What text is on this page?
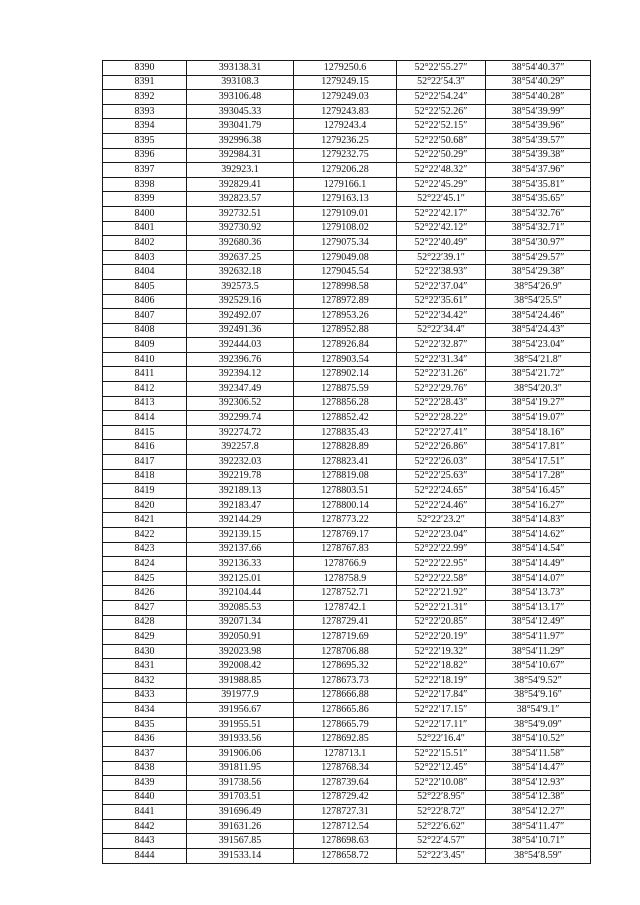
8390	393138.31	1279250.6	52°22′55.27″	38°54′40.37″
8391	393108.3	1279249.15	52°22′54.3″	38°54′40.29″
8392	393106.48	1279249.03	52°22′54.24″	38°54′40.28″
8393	393045.33	1279243.83	52°22′52.26″	38°54′39.99″
8394	393041.79	1279243.4	52°22′52.15″	38°54′39.96″
8395	392996.38	1279236.25	52°22′50.68″	38°54′39.57″
8396	392984.31	1279232.75	52°22′50.29″	38°54′39.38″
8397	392923.1	1279206.28	52°22′48.32″	38°54′37.96″
8398	392829.41	1279166.1	52°22′45.29″	38°54′35.81″
8399	392823.57	1279163.13	52°22′45.1″	38°54′35.65″
8400	392732.51	1279109.01	52°22′42.17″	38°54′32.76″
8401	392730.92	1279108.02	52°22′42.12″	38°54′32.71″
8402	392680.36	1279075.34	52°22′40.49″	38°54′30.97″
8403	392637.25	1279049.08	52°22′39.1″	38°54′29.57″
8404	392632.18	1279045.54	52°22′38.93″	38°54′29.38″
8405	392573.5	1278998.58	52°22′37.04″	38°54′26.9″
8406	392529.16	1278972.89	52°22′35.61″	38°54′25.5″
8407	392492.07	1278953.26	52°22′34.42″	38°54′24.46″
8408	392491.36	1278952.88	52°22′34.4″	38°54′24.43″
8409	392444.03	1278926.84	52°22′32.87″	38°54′23.04″
8410	392396.76	1278903.54	52°22′31.34″	38°54′21.8″
8411	392394.12	1278902.14	52°22′31.26″	38°54′21.72″
8412	392347.49	1278875.59	52°22′29.76″	38°54′20.3″
8413	392306.52	1278856.28	52°22′28.43″	38°54′19.27″
8414	392299.74	1278852.42	52°22′28.22″	38°54′19.07″
8415	392274.72	1278835.43	52°22′27.41″	38°54′18.16″
8416	392257.8	1278828.89	52°22′26.86″	38°54′17.81″
8417	392232.03	1278823.41	52°22′26.03″	38°54′17.51″
8418	392219.78	1278819.08	52°22′25.63″	38°54′17.28″
8419	392189.13	1278803.51	52°22′24.65″	38°54′16.45″
8420	392183.47	1278800.14	52°22′24.46″	38°54′16.27″
8421	392144.29	1278773.22	52°22′23.2″	38°54′14.83″
8422	392139.15	1278769.17	52°22′23.04″	38°54′14.62″
8423	392137.66	1278767.83	52°22′22.99″	38°54′14.54″
8424	392136.33	1278766.9	52°22′22.95″	38°54′14.49″
8425	392125.01	1278758.9	52°22′22.58″	38°54′14.07″
8426	392104.44	1278752.71	52°22′21.92″	38°54′13.73″
8427	392085.53	1278742.1	52°22′21.31″	38°54′13.17″
8428	392071.34	1278729.41	52°22′20.85″	38°54′12.49″
8429	392050.91	1278719.69	52°22′20.19″	38°54′11.97″
8430	392023.98	1278706.88	52°22′19.32″	38°54′11.29″
8431	392008.42	1278695.32	52°22′18.82″	38°54′10.67″
8432	391988.85	1278673.73	52°22′18.19″	38°54′9.52″
8433	391977.9	1278666.88	52°22′17.84″	38°54′9.16″
8434	391956.67	1278665.86	52°22′17.15″	38°54′9.1″
8435	391955.51	1278665.79	52°22′17.11″	38°54′9.09″
8436	391933.56	1278692.85	52°22′16.4″	38°54′10.52″
8437	391906.06	1278713.1	52°22′15.51″	38°54′11.58″
8438	391811.95	1278768.34	52°22′12.45″	38°54′14.47″
8439	391738.56	1278739.64	52°22′10.08″	38°54′12.93″
8440	391703.51	1278729.42	52°22′8.95″	38°54′12.38″
8441	391696.49	1278727.31	52°22′8.72″	38°54′12.27″
8442	391631.26	1278712.54	52°22′6.62″	38°54′11.47″
8443	391567.85	1278698.63	52°22′4.57″	38°54′10.71″
8444	391533.14	1278658.72	52°22′3.45″	38°54′8.59″
